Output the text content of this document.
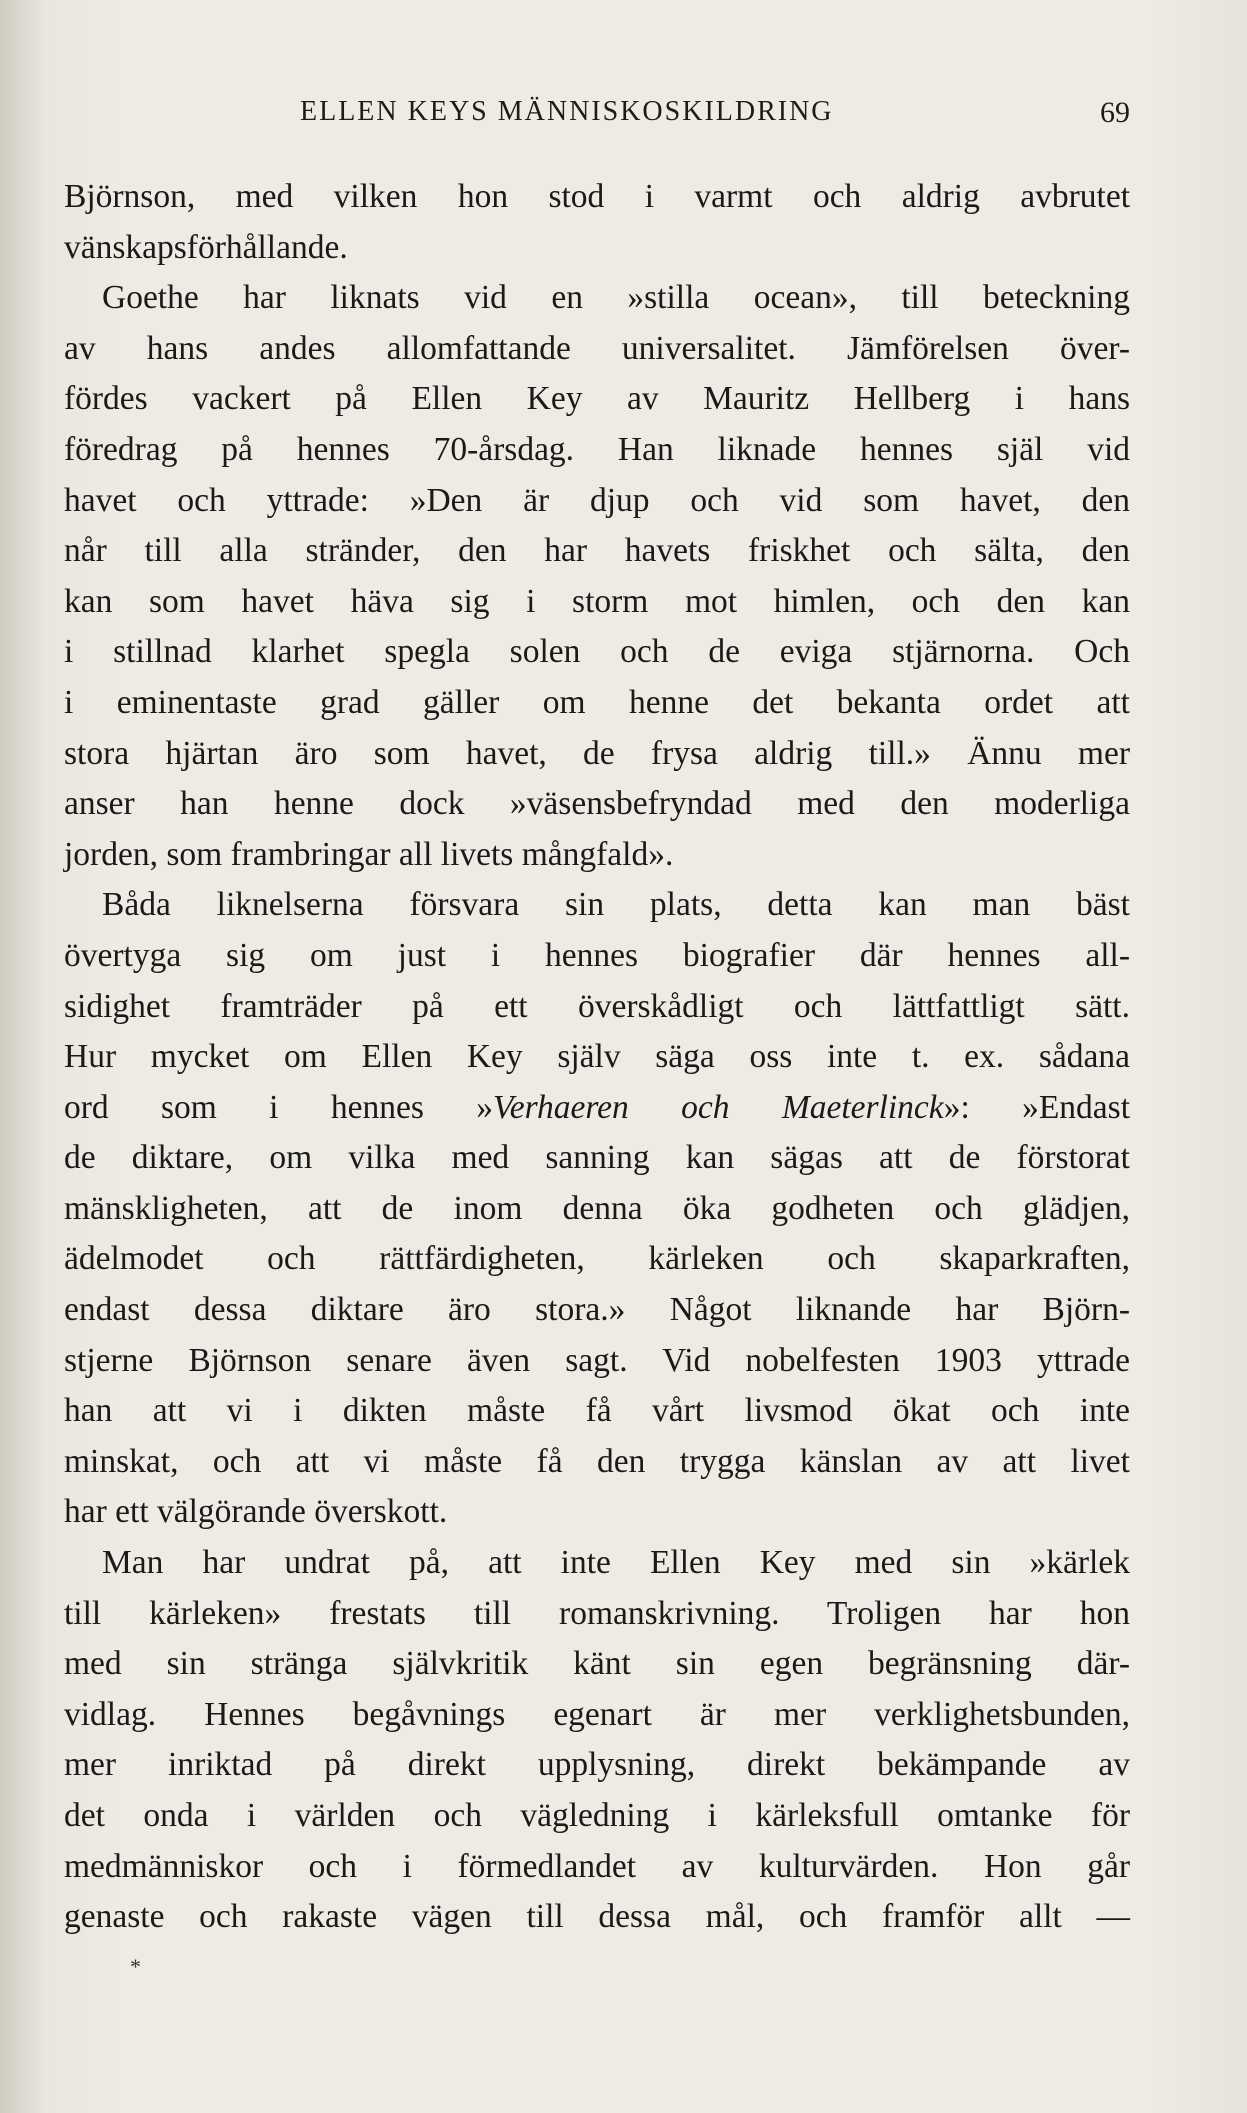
ELLEN KEYS MÄNNISKOSKILDRING	69
Björnson, med vilken hon stod i varmt och aldrig avbrutet
vänskapsförhållande.
Goethe har liknats vid en »stilla ocean», till beteckning
av hans andes allomfattande universalitet. Jämförelsen över-
fördes vackert på Ellen Key av Mauritz Hellberg i hans
föredrag på hennes 70-årsdag. Han liknade hennes själ vid
havet och yttrade: »Den är djup och vid som havet, den
når till alla stränder, den har havets friskhet och sälta, den
kan som havet häva sig i storm mot himlen, och den kan
i stillnad klarhet spegla solen och de eviga stjärnorna. Och
i eminentaste grad gäller om henne det bekanta ordet att
stora hjärtan äro som havet, de frysa aldrig till.» Ännu mer
anser han henne dock »väsensbefryndad med den moderliga
jorden, som frambringar all livets mångfald».
Båda liknelserna försvara sin plats, detta kan man bäst
övertyga sig om just i hennes biografier där hennes all-
sidighet framträder på ett överskådligt och lättfattligt sätt.
Hur mycket om Ellen Key själv säga oss inte t. ex. sådana
ord som i hennes »Verhaeren och Maeterlinck»: »Endast
de diktare, om vilka med sanning kan sägas att de förstorat
mänskligheten, att de inom denna öka godheten och glädjen,
ädelmodet och rättfärdigheten, kärleken och skaparkraften,
endast dessa diktare äro stora.» Något liknande har Björn-
stjerne Björnson senare även sagt. Vid nobelfesten 1903 yttrade
han att vi i dikten måste få vårt livsmod ökat och inte
minskat, och att vi måste få den trygga känslan av att livet
har ett välgörande överskott.
Man har undrat på, att inte Ellen Key med sin »kärlek
till kärleken» frestats till romanskrivning. Troligen har hon
med sin stränga självkritik känt sin egen begränsning där-
vidlag. Hennes begåvnings egenart är mer verklighetsbunden,
mer inriktad på direkt upplysning, direkt bekämpande av
det onda i världen och vägledning i kärleksfull omtanke för
medmänniskor och i förmedlandet av kulturvärden. Hon går
genaste och rakaste vägen till dessa mål, och framför allt —
*
